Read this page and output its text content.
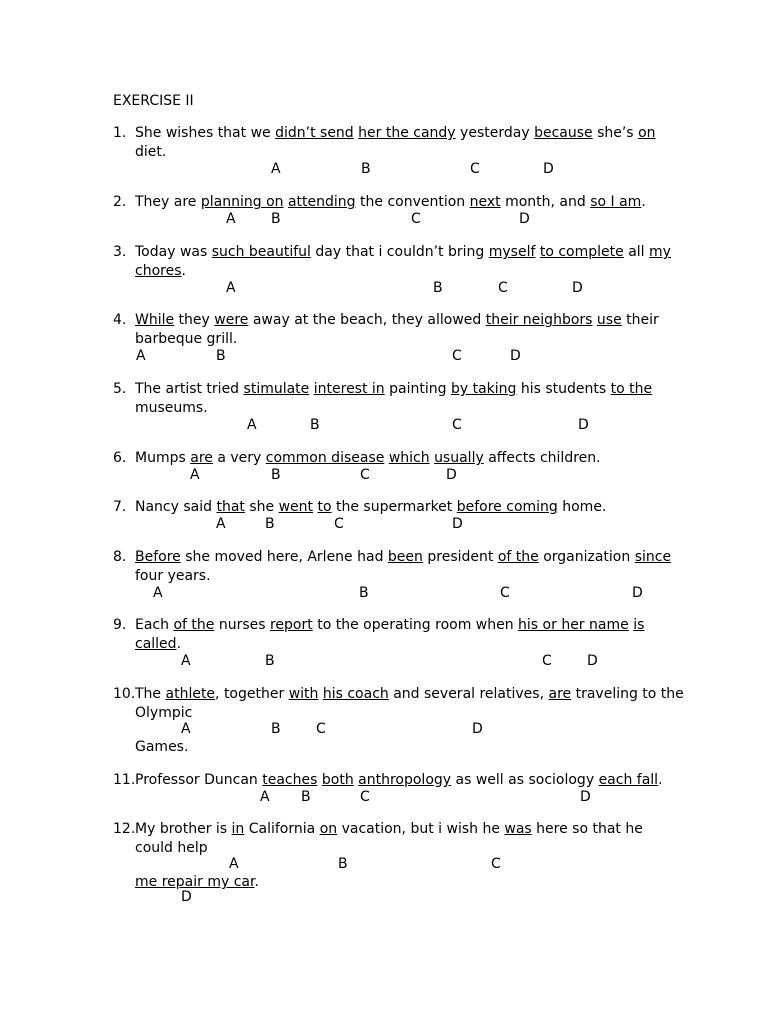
EXERCISE II
1. She wishes that we didn’t send her the candy yesterday because she’s on
diet.
A	B	C	D
2. They are planning on attending the convention next month, and so I am.
A	B	C	D
3. Today was such beautiful day that i couldn’t bring myself to complete all my
chores.
A	B	C	D
4. While they were away at the beach, they allowed their neighbors use their
barbeque grill.
A	B	C	D
5. The artist tried stimulate interest in painting by taking his students to the
museums.
A	B	C	D
6. Mumps are a very common disease which usually affects children.
A	B	C	D
7. Nancy said that she went to the supermarket before coming home.
A	B	C	D
8. Before she moved here, Arlene had been president of the organization since
four years.
A	B	C	D
9. Each of the nurses report to the operating room when his or her name is
called.
A	B	C	D
10. The athlete, together with his coach and several relatives, are traveling to the
Olympic
Games.
A	B	C	D
11. Professor Duncan teaches both anthropology as well as sociology each fall.
A B	C	D
12. My brother is in California on vacation, but i wish he was here so that he
could help
me repair my car.
A	B	C
D
